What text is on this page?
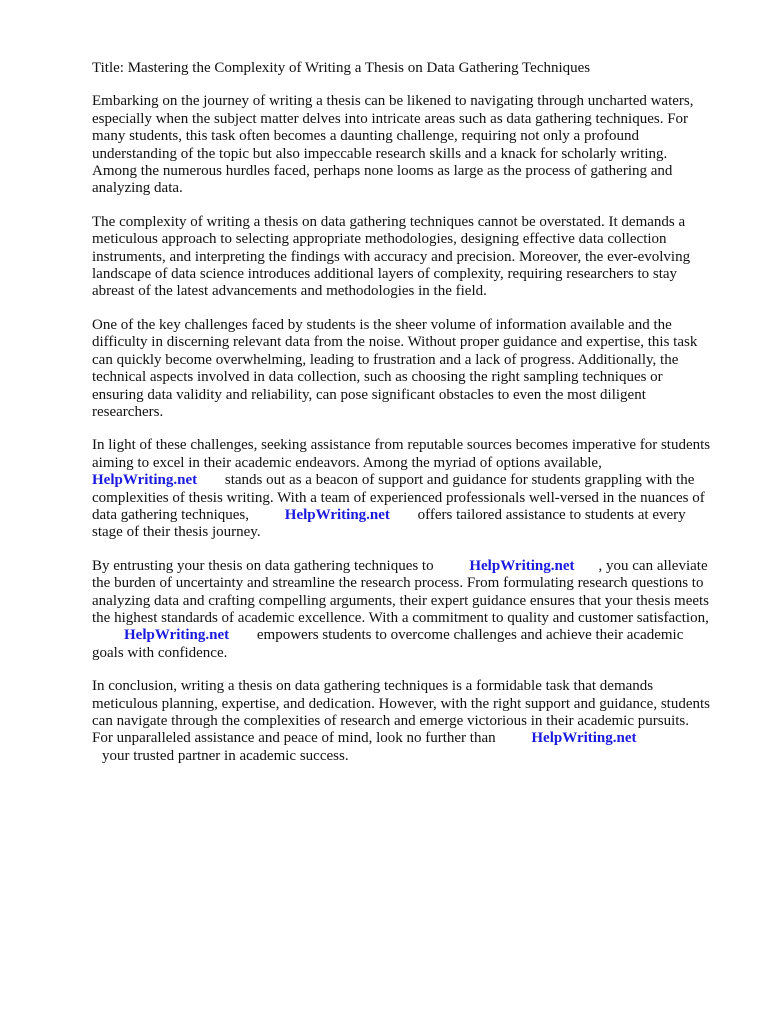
Title: Mastering the Complexity of Writing a Thesis on Data Gathering Techniques

Embarking on the journey of writing a thesis can be likened to navigating through uncharted waters, especially when the subject matter delves into intricate areas such as data gathering techniques. For many students, this task often becomes a daunting challenge, requiring not only a profound understanding of the topic but also impeccable research skills and a knack for scholarly writing. Among the numerous hurdles faced, perhaps none looms as large as the process of gathering and analyzing data.

The complexity of writing a thesis on data gathering techniques cannot be overstated. It demands a meticulous approach to selecting appropriate methodologies, designing effective data collection instruments, and interpreting the findings with accuracy and precision. Moreover, the ever-evolving landscape of data science introduces additional layers of complexity, requiring researchers to stay abreast of the latest advancements and methodologies in the field.

One of the key challenges faced by students is the sheer volume of information available and the difficulty in discerning relevant data from the noise. Without proper guidance and expertise, this task can quickly become overwhelming, leading to frustration and a lack of progress. Additionally, the technical aspects involved in data collection, such as choosing the right sampling techniques or ensuring data validity and reliability, can pose significant obstacles to even the most diligent researchers.

In light of these challenges, seeking assistance from reputable sources becomes imperative for students aiming to excel in their academic endeavors. Among the myriad of options available,
HelpWriting.net stands out as a beacon of support and guidance for students grappling with the complexities of thesis writing. With a team of experienced professionals well-versed in the nuances of data gathering techniques, HelpWriting.net offers tailored assistance to students at every stage of their thesis journey.

By entrusting your thesis on data gathering techniques to HelpWriting.net , you can alleviate the burden of uncertainty and streamline the research process. From formulating research questions to analyzing data and crafting compelling arguments, their expert guidance ensures that your thesis meets the highest standards of academic excellence. With a commitment to quality and customer satisfaction, HelpWriting.net empowers students to overcome challenges and achieve their academic goals with confidence.

In conclusion, writing a thesis on data gathering techniques is a formidable task that demands meticulous planning, expertise, and dedication. However, with the right support and guidance, students can navigate through the complexities of research and emerge victorious in their academic pursuits. For unparalleled assistance and peace of mind, look no further than HelpWriting.net
your trusted partner in academic success.
